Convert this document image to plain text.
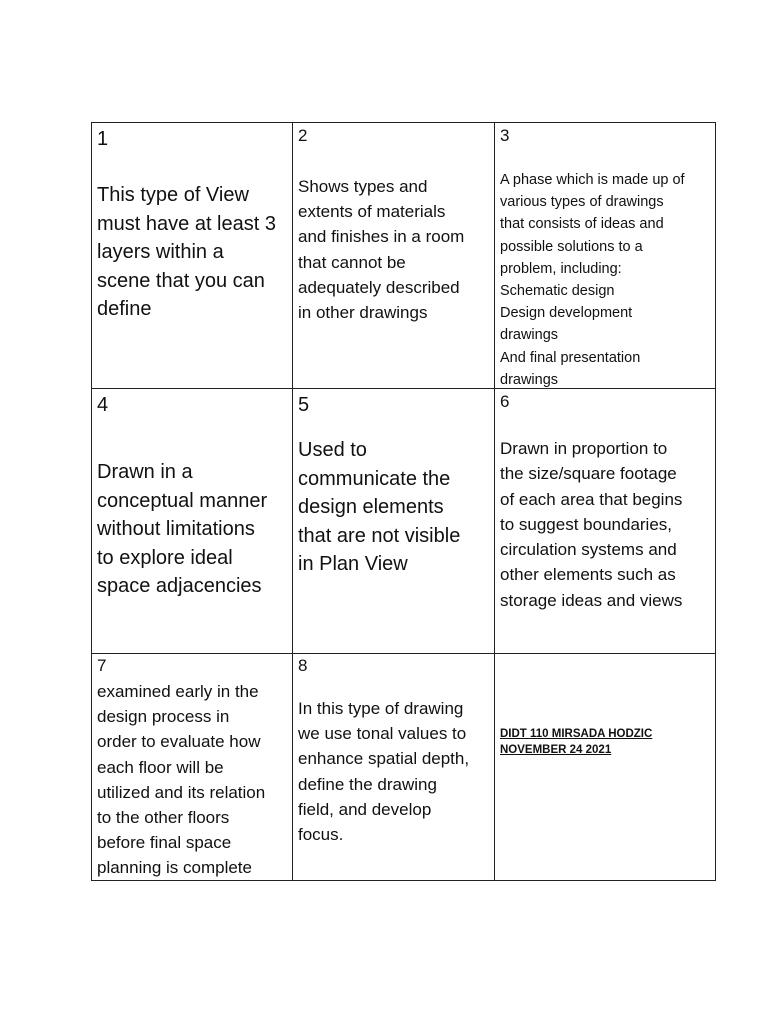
1
This type of View
must have at least 3
layers within a
scene that you can
define
2
Shows types and
extents of materials
and finishes in a room
that cannot be
adequately described
in other drawings
3
A phase which is made up of
various types of drawings
that consists of ideas and
possible solutions to a
problem, including:
Schematic design
Design development
drawings
And final presentation
drawings
4
Drawn in a
conceptual manner
without limitations
to explore ideal
space adjacencies
5
Used to
communicate the
design elements
that are not visible
in Plan View
6
Drawn in proportion to
the size/square footage
of each area that begins
to suggest boundaries,
circulation systems and
other elements such as
storage ideas and views
7
examined early in the
design process in
order to evaluate how
each floor will be
utilized and its relation
to the other floors
before final space
planning is complete
8
In this type of drawing
we use tonal values to
enhance spatial depth,
define the drawing
field, and develop
focus.
DIDT 110 MIRSADA HODZIC
NOVEMBER 24 2021
